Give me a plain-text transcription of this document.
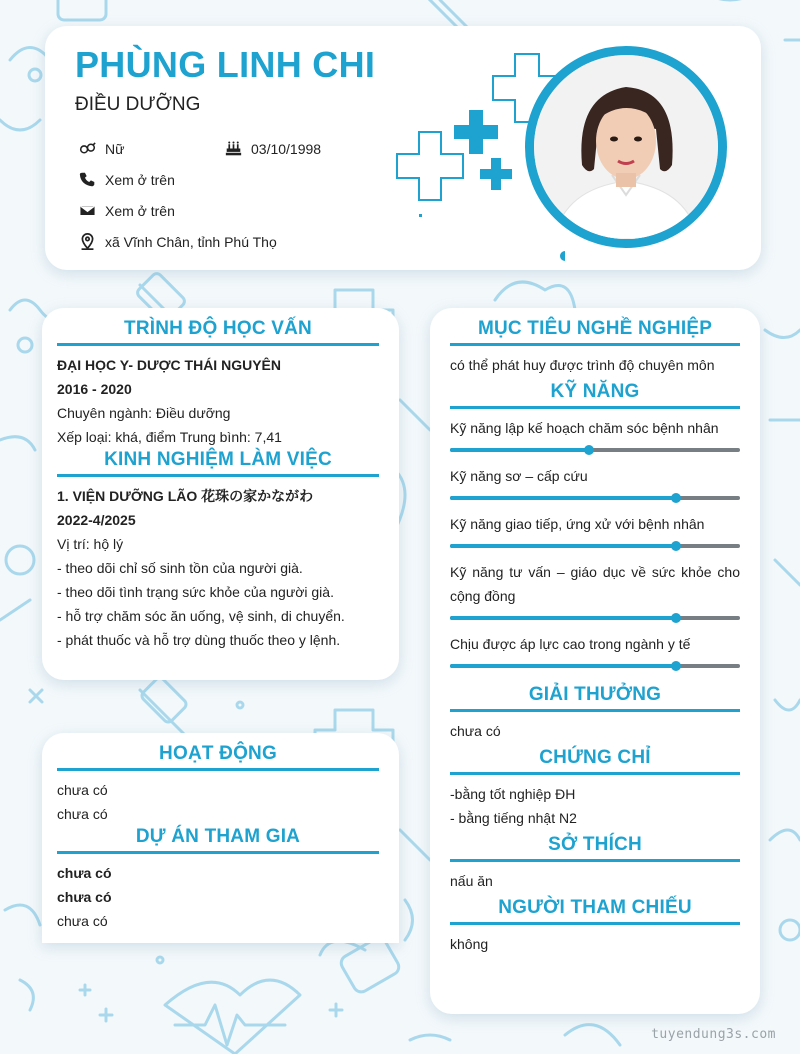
PHÙNG LINH CHI
ĐIỀU DƯỠNG
Nữ	03/10/1998
Xem ở trên
Xem ở trên
xã Vĩnh Chân, tỉnh Phú Thọ
TRÌNH ĐỘ HỌC VẤN
ĐẠI HỌC Y- DƯỢC THÁI NGUYÊN
2016 - 2020
Chuyên ngành: Điều dưỡng
Xếp loại: khá, điểm Trung bình: 7,41
KINH NGHIỆM LÀM VIỆC
1. VIỆN DƯỠNG LÃO 花珠の家かながわ
2022-4/2025
Vị trí: hộ lý
- theo dõi chỉ số sinh tồn của người già.
- theo dõi tình trạng sức khỏe của người già.
- hỗ trợ chăm sóc ăn uống, vệ sinh, di chuyển.
- phát thuốc và hỗ trợ dùng thuốc theo y lệnh.
HOẠT ĐỘNG
chưa có
chưa có
DỰ ÁN THAM GIA
chưa có
chưa có
chưa có
MỤC TIÊU NGHỀ NGHIỆP
có thể phát huy được trình độ chuyên môn
KỸ NĂNG
Kỹ năng lập kế hoạch chăm sóc bệnh nhân
Kỹ năng sơ – cấp cứu
Kỹ năng giao tiếp, ứng xử với bệnh nhân
Kỹ năng tư vấn – giáo dục về sức khỏe cho cộng đồng
Chịu được áp lực cao trong ngành y tế
GIẢI THƯỞNG
chưa có
CHỨNG CHỈ
-bằng tốt nghiệp ĐH
- bằng tiếng nhật N2
SỞ THÍCH
nấu ăn
NGƯỜI THAM CHIẾU
không
tuyendung3s.com
